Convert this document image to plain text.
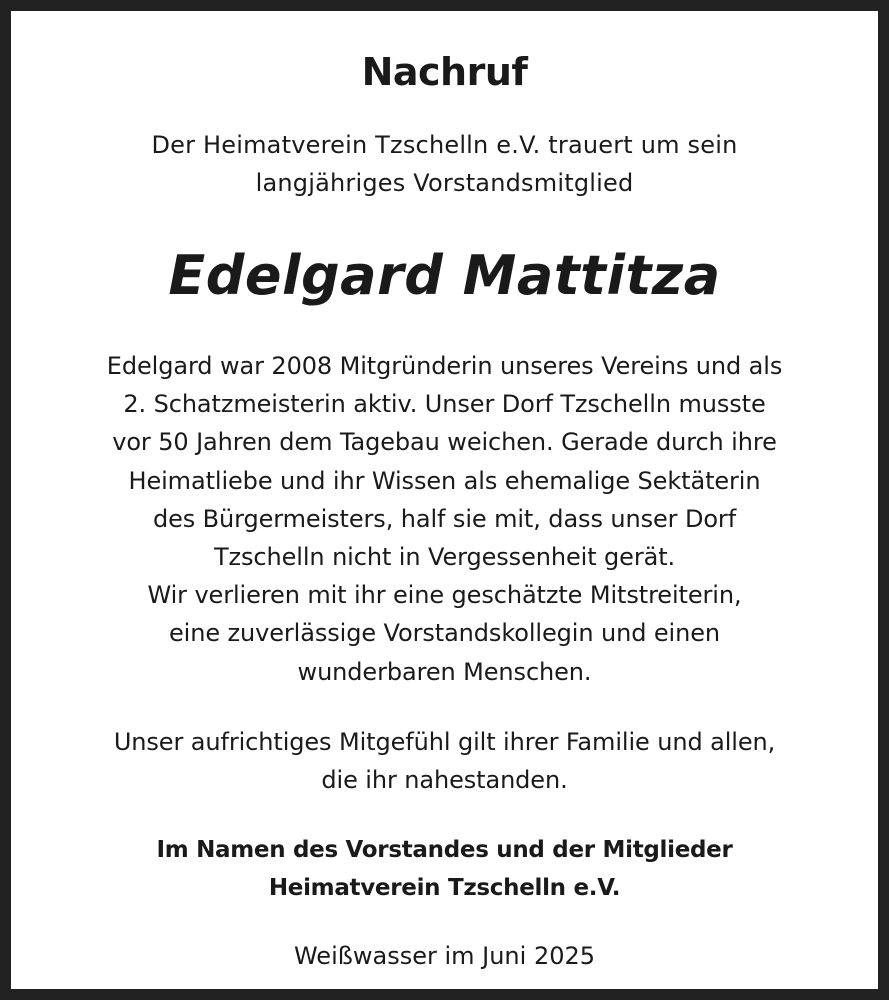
Nachruf
Der Heimatverein Tzschelln e.V. trauert um sein
langjähriges Vorstandsmitglied
Edelgard Mattitza
Edelgard war 2008 Mitgründerin unseres Vereins und als
2. Schatzmeisterin aktiv. Unser Dorf Tzschelln musste
vor 50 Jahren dem Tagebau weichen. Gerade durch ihre
Heimatliebe und ihr Wissen als ehemalige Sektäterin
des Bürgermeisters, half sie mit, dass unser Dorf
Tzschelln nicht in Vergessenheit gerät.
Wir verlieren mit ihr eine geschätzte Mitstreiterin,
eine zuverlässige Vorstandskollegin und einen
wunderbaren Menschen.
Unser aufrichtiges Mitgefühl gilt ihrer Familie und allen,
die ihr nahestanden.
Im Namen des Vorstandes und der Mitglieder
Heimatverein Tzschelln e.V.
Weißwasser im Juni 2025
